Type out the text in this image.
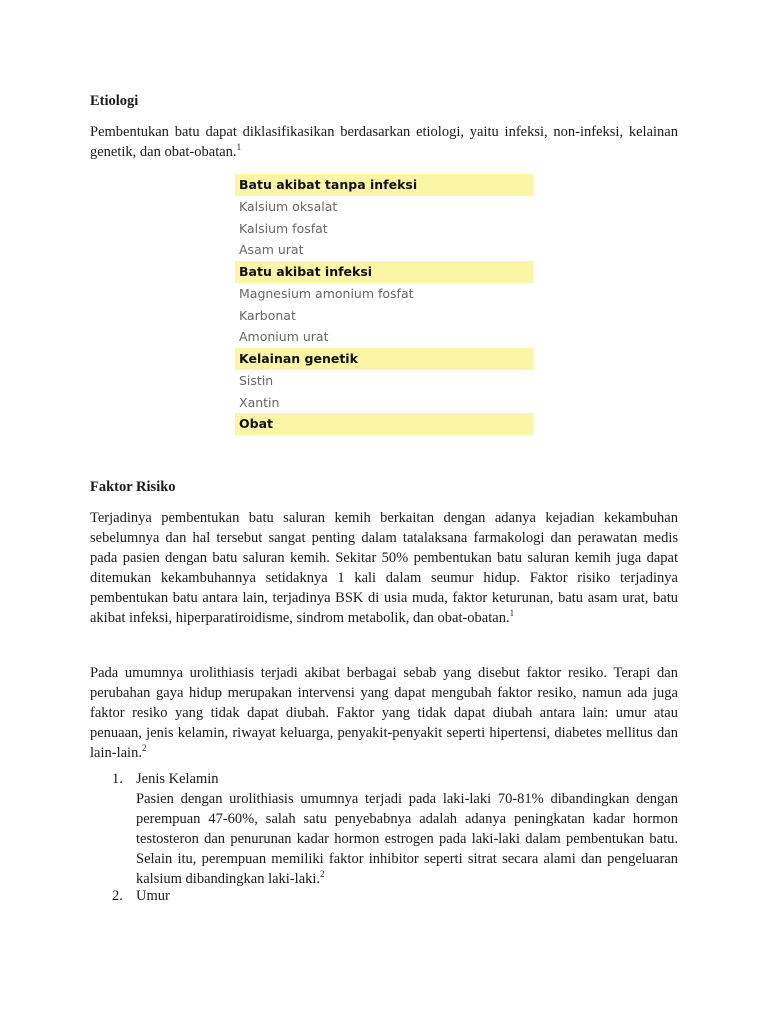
Etiologi
Pembentukan batu dapat diklasifikasikan berdasarkan etiologi, yaitu infeksi, non-infeksi, kelainan genetik, dan obat-obatan.$^1$
Batu akibat tanpa infeksi
Kalsium oksalat
Kalsium fosfat
Asam urat
Batu akibat infeksi
Magnesium amonium fosfat
Karbonat
Amonium urat
Kelainan genetik
Sistin
Xantin
Obat
Faktor Risiko
Terjadinya pembentukan batu saluran kemih berkaitan dengan adanya kejadian kekambuhan sebelumnya dan hal tersebut sangat penting dalam tatalaksana farmakologi dan perawatan medis pada pasien dengan batu saluran kemih. Sekitar 50% pembentukan batu saluran kemih juga dapat ditemukan kekambuhannya setidaknya 1 kali dalam seumur hidup. Faktor risiko terjadinya pembentukan batu antara lain, terjadinya BSK di usia muda, faktor keturunan, batu asam urat, batu akibat infeksi, hiperparatiroidisme, sindrom metabolik, dan obat-obatan.$^1$
Pada umumnya urolithiasis terjadi akibat berbagai sebab yang disebut faktor resiko. Terapi dan perubahan gaya hidup merupakan intervensi yang dapat mengubah faktor resiko, namun ada juga faktor resiko yang tidak dapat diubah. Faktor yang tidak dapat diubah antara lain: umur atau penuaan, jenis kelamin, riwayat keluarga, penyakit-penyakit seperti hipertensi, diabetes mellitus dan lain-lain.$^2$
1. Jenis Kelamin
Pasien dengan urolithiasis umumnya terjadi pada laki-laki 70-81% dibandingkan dengan perempuan 47-60%, salah satu penyebabnya adalah adanya peningkatan kadar hormon testosteron dan penurunan kadar hormon estrogen pada laki-laki dalam pembentukan batu. Selain itu, perempuan memiliki faktor inhibitor seperti sitrat secara alami dan pengeluaran kalsium dibandingkan laki-laki.$^2$
2. Umur
